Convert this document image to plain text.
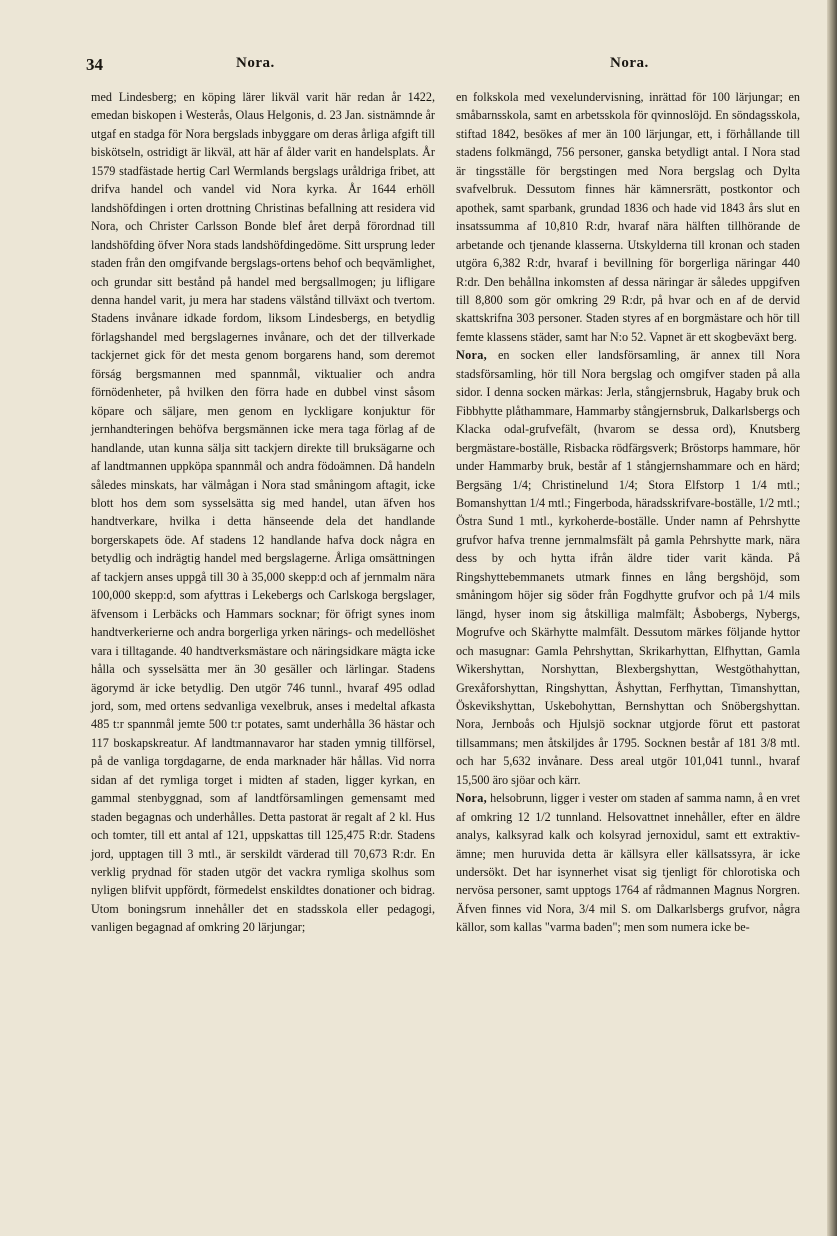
34	Nora.	Nora.

med Lindesberg; en köping lärer likväl varit här redan år 1422, emedan biskopen i Westerås, Olaus Helgonis, d. 23 Jan. sistnämnde år utgaf en stadga för Nora bergslads inbyggare om deras årliga afgift till biskötseln, ostridigt är likväl, att här af ålder varit en handelsplats. År 1579 stadfästade hertig Carl Wermlands bergslags uråldriga fribet, att drifva handel och vandel vid Nora kyrka. År 1644 erhöll landshöfdingen i orten drottning Christinas befallning att residera vid Nora, och Christer Carlsson Bonde blef året derpå förordnad till landshöfding öfver Nora stads landshöfdingedöme. Sitt ursprung leder staden från den omgifvande bergslags-ortens behof och beqvämlighet, och grundar sitt bestånd på handel med bergsallmogen; ju lifligare denna handel varit, ju mera har stadens välstånd tillväxt och tvertom. Stadens invånare idkade fordom, liksom Lindesbergs, en betydlig förlagshandel med bergslagernes invånare, och det der tillverkade tackjernet gick för det mesta genom borgarens hand, som deremot förság bergsmannen med spannmål, viktualier och andra förnödenheter, på hvilken den förra hade en dubbel vinst såsom köpare och säljare, men genom en lyckligare konjuktur för jernhandteringen behöfva bergsmännen icke mera taga förlag af de handlande, utan kunna sälja sitt tackjern direkte till bruksägarne och af landtmannen uppköpa spannmål och andra födoämnen. Då handeln således minskats, har välmågan i Nora stad småningom aftagit, icke blott hos dem som sysselsätta sig med handel, utan äfven hos handtverkare, hvilka i detta hänseende dela det handlande borgerskapets öde. Af stadens 12 handlande hafva dock några en betydlig och indrägtig handel med bergslagerne. Årliga omsättningen af tackjern anses uppgå till 30 à 35,000 skepp:d och af jernmalm nära 100,000 skepp:d, som afyttras i Lekebergs och Carlskoga bergslager, äfvensom i Lerbäcks och Hammars socknar; för öfrigt synes inom handtverkerierne och andra borgerliga yrken närings- och medellöshet vara i tilltagande. 40 handtverksmästare och näringsidkare mägta icke hålla och sysselsätta mer än 30 gesäller och lärlingar. Stadens ägorymd är icke betydlig. Den utgör 746 tunnl., hvaraf 495 odlad jord, som, med ortens sedvanliga vexelbruk, anses i medeltal afkasta 485 t:r spannmål jemte 500 t:r potates, samt underhålla 36 hästar och 117 boskapskreatur. Af landtmannavaror har staden ymnig tillförsel, på de vanliga torgdagarne, de enda marknader här hållas. Vid norra sidan af det rymliga torget i midten af staden, ligger kyrkan, en gammal stenbyggnad, som af landtförsamlingen gemensamt med staden begagnas och underhålles. Detta pastorat är regalt af 2 kl. Hus och tomter, till ett antal af 121, uppskattas till 125,475 R:dr. Stadens jord, upptagen till 3 mtl., är serskildt värderad till 70,673 R:dr. En verklig prydnad för staden utgör det vackra rymliga skolhus som nyligen blifvit uppfördt, förmedelst enskildtes donationer och bidrag. Utom boningsrum innehåller det en stadsskola eller pedagogi, vanligen begagnad af omkring 20 lärjungar;

en folkskola med vexelundervisning, inrättad för 100 lärjungar; en småbarnsskola, samt en arbetsskola för qvinnoslöjd. En söndagsskola, stiftad 1842, besökes af mer än 100 lärjungar, ett, i förhållande till stadens folkmängd, 756 personer, ganska betydligt antal. I Nora stad är tingsställe för bergstingen med Nora bergslag och Dylta svafvelbruk. Dessutom finnes här kämnersrätt, postkontor och apothek, samt sparbank, grundad 1836 och hade vid 1843 års slut en insatssumma af 10,810 R:dr, hvaraf nära hälften tillhörande de arbetande och tjenande klasserna. Utskylderna till kronan och staden utgöra 6,382 R:dr, hvaraf i bevillning för borgerliga näringar 440 R:dr. Den behållna inkomsten af dessa näringar är således uppgifven till 8,800 som gör omkring 29 R:dr, på hvar och en af de dervid skattskrifna 303 personer. Staden styres af en borgmästare och hör till femte klassens städer, samt har N:o 52. Vapnet är ett skogbeväxt berg.

Nora, en socken eller landsförsamling, är annex till Nora stadsförsamling, hör till Nora bergslag och omgifver staden på alla sidor. I denna socken märkas: Jerla, stångjernsbruk, Hagaby bruk och Fibbhytte plåthammare, Hammarby stångjernsbruk, Dalkarlsbergs och Klacka odal-grufvefält, (hvarom se dessa ord), Knutsberg bergmästare-boställe, Risbacka rödfärgsverk; Bröstorps hammare, hör under Hammarby bruk, består af 1 stångjernshammare och en härd; Bergsäng 1/4; Christinelund 1/4; Stora Elfstorp 1 1/4 mtl.; Bomanshyttan 1/4 mtl.; Fingerboda, häradsskrifvare-boställe, 1/2 mtl.; Östra Sund 1 mtl., kyrkoherde-boställe. Under namn af Pehrshytte grufvor hafva trenne jernmalmsfält på gamla Pehrshytte mark, nära dess by och hytta ifrån äldre tider varit kända. På Ringshyttebemmanets utmark finnes en lång bergshöjd, som småningom höjer sig söder från Fogdhytte grufvor och på 1/4 mils längd, hyser inom sig åtskilliga malmfält; Åsbobergs, Nybergs, Mogrufve och Skärhytte malmfält. Dessutom märkes följande hyttor och masugnar: Gamla Pehrshyttan, Skrikarhyttan, Elfhyttan, Gamla Wikershyttan, Norshyttan, Blexbergshyttan, Westgöthahyttan, Grexåforshyttan, Ringshyttan, Åshyttan, Ferfhyttan, Timanshyttan, Öskevikshyttan, Uskebohyttan, Bernshyttan och Snöbergshyttan. Nora, Jernboås och Hjulsjö socknar utgjorde förut ett pastorat tillsammans; men åtskiljdes år 1795. Socknen består af 181 3/8 mtl. och har 5,632 invånare. Dess areal utgör 101,041 tunnl., hvaraf 15,500 äro sjöar och kärr.

Nora, helsobrunn, ligger i vester om staden af samma namn, å en vret af omkring 12 1/2 tunnland. Helsovattnet innehåller, efter en äldre analys, kalksyrad kalk och kolsyrad jernoxidul, samt ett extraktiv-ämne; men huruvida detta är källsyra eller källsatssyra, är icke undersökt. Det har isynnerhet visat sig tjenligt för chlorotiska och nervösa personer, samt upptogs 1764 af rådmannen Magnus Norgren. Äfven finnes vid Nora, 3/4 mil S. om Dalkarlsbergs grufvor, några källor, som kallas "varma baden"; men som numera icke be-
